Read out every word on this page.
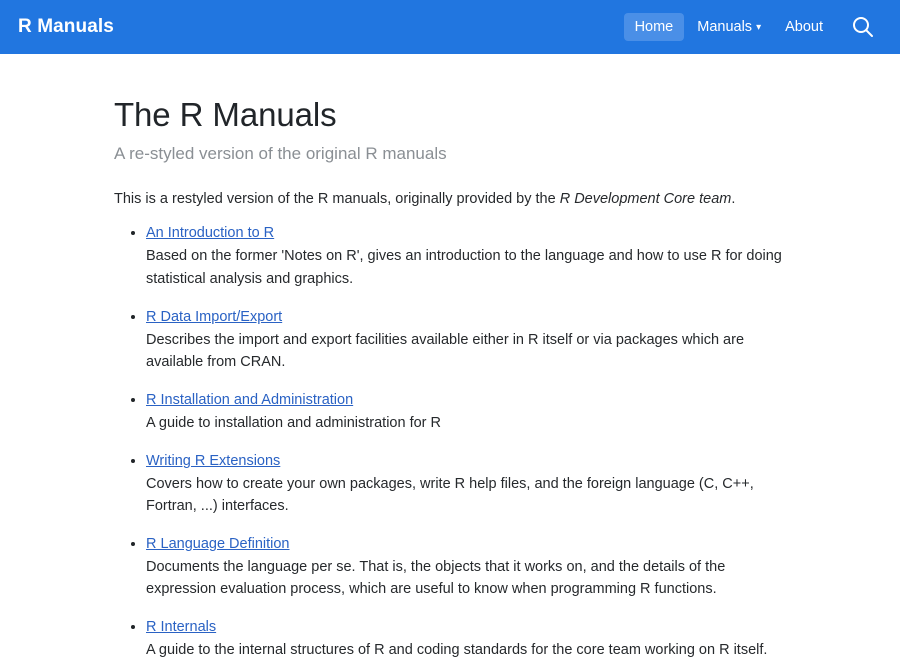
R Manuals	Home	Manuals ▾	About
The R Manuals
A re-styled version of the original R manuals

This is a restyled version of the R manuals, originally provided by the R Development Core team.

• An Introduction to R

Based on the former 'Notes on R', gives an introduction to the language and how to use R for doing statistical analysis and graphics.

• R Data Import/Export

Describes the import and export facilities available either in R itself or via packages which are available from CRAN.

• R Installation and Administration

A guide to installation and administration for R

• Writing R Extensions

Covers how to create your own packages, write R help files, and the foreign language (C, C++, Fortran, ...) interfaces.

• R Language Definition

Documents the language per se. That is, the objects that it works on, and the details of the expression evaluation process, which are useful to know when programming R functions.

• R Internals

A guide to the internal structures of R and coding standards for the core team working on R itself.
